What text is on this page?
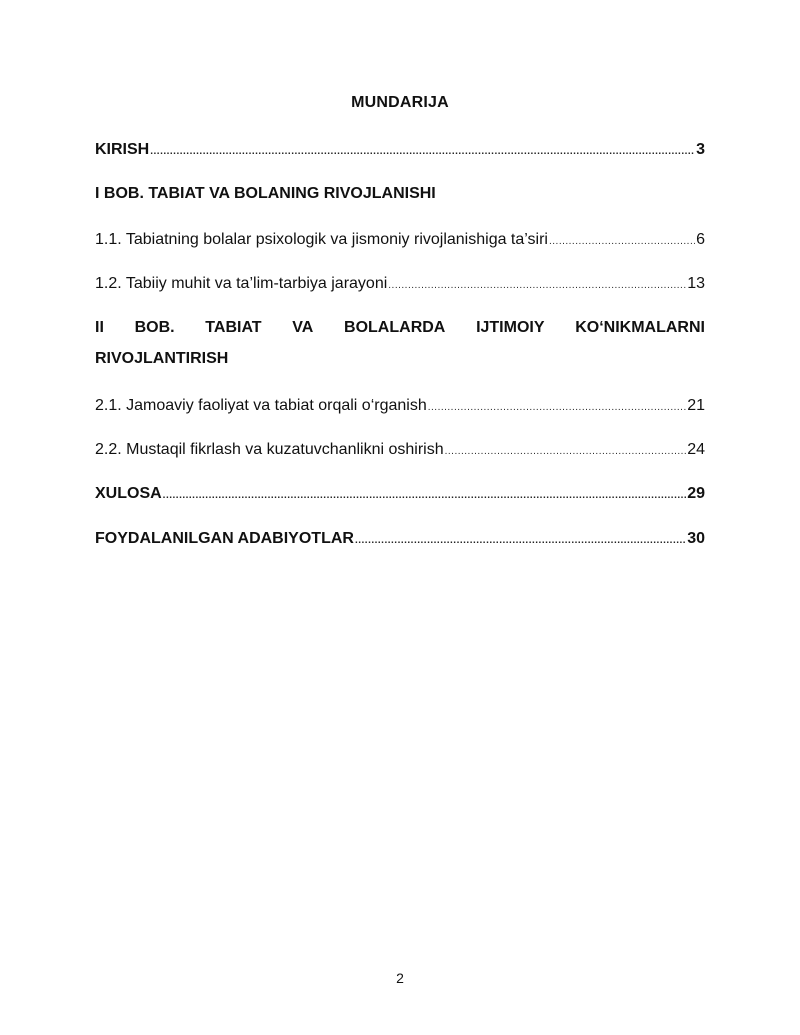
MUNDARIJA
KIRISH .....	3
I BOB. TABIAT VA BOLANING RIVOJLANISHI
1.1. Tabiatning bolalar psixologik va jismoniy rivojlanishiga ta’siri .....	6
1.2. Tabiiy muhit va ta’lim-tarbiya jarayoni .....	13
II BOB. TABIAT VA BOLALARDA IJTIMOIY KO‘NIKMALARNI
RIVOJLANTIRISH
2.1. Jamoaviy faoliyat va tabiat orqali o‘rganish .....	21
2.2. Mustaqil fikrlash va kuzatuvchanlikni oshirish .....	24
XULOSA .....	29
FOYDALANILGAN ADABIYOTLAR .....	30
2
